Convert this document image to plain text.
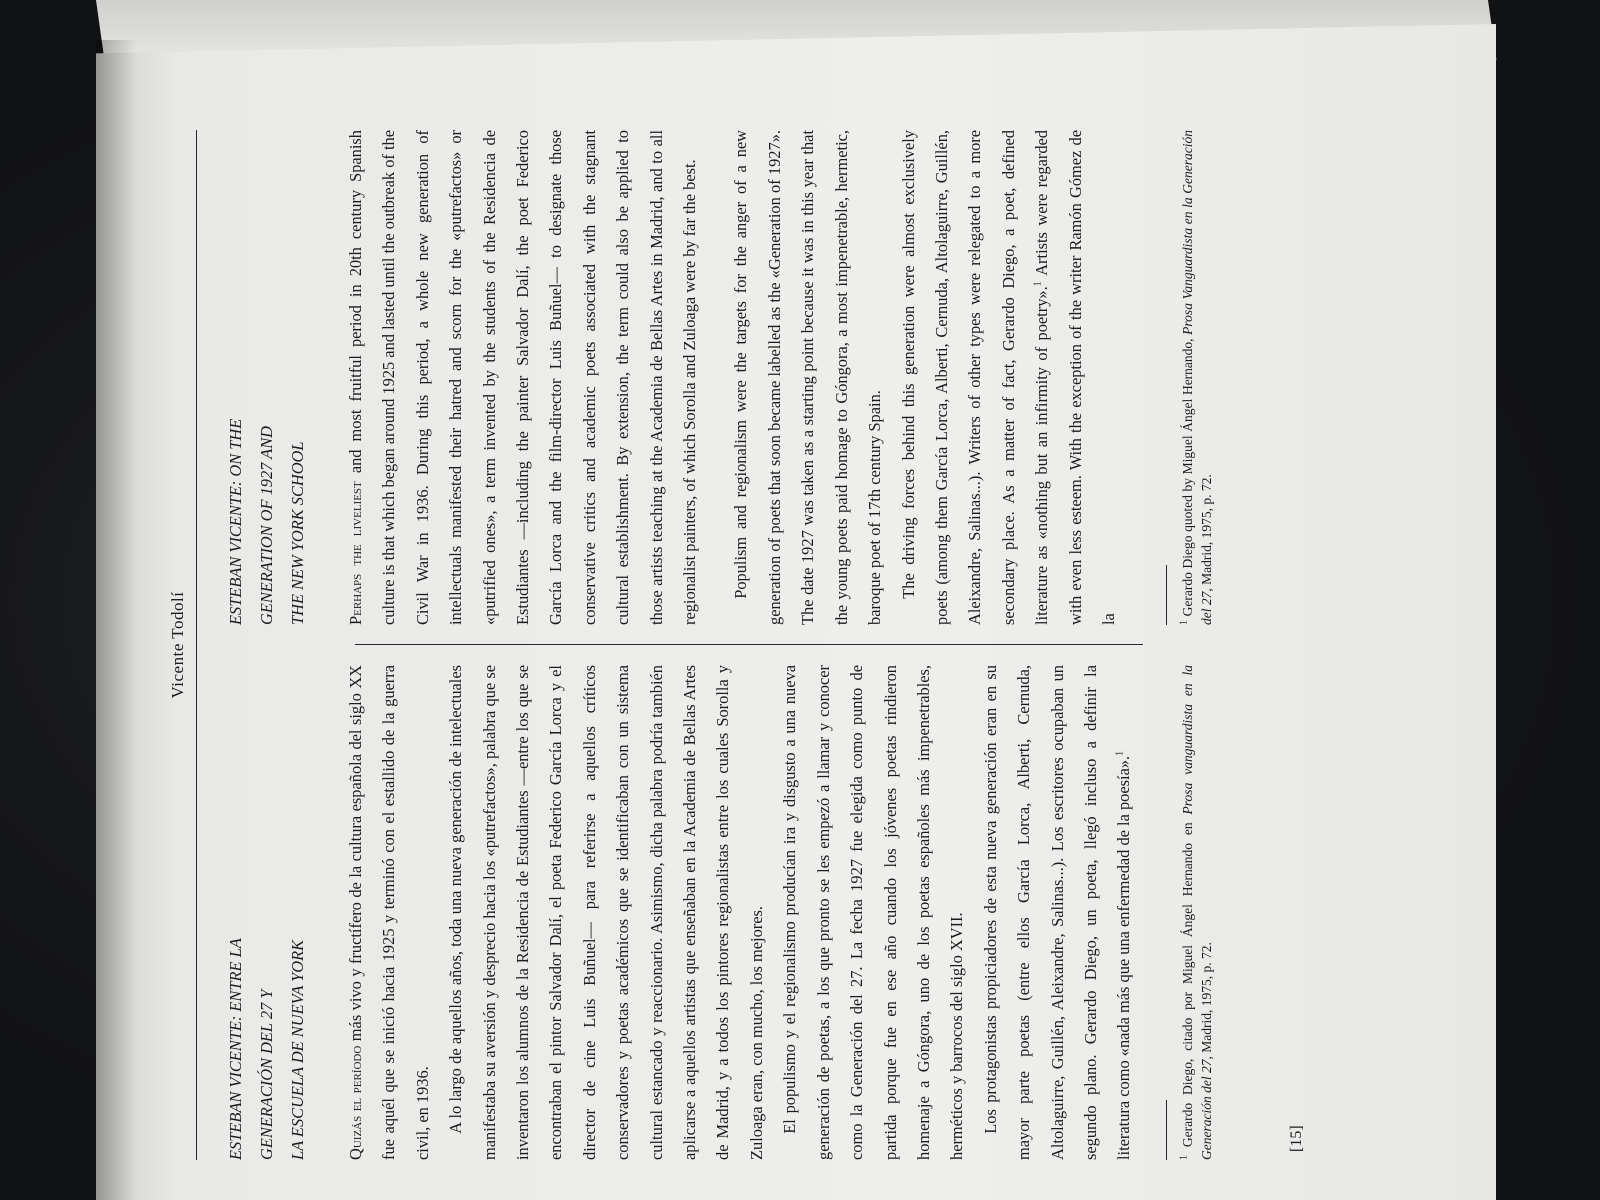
Vicente Todolí
ESTEBAN VICENTE: ENTRE LA GENERACIÓN DEL 27 Y LA ESCUELA DE NUEVA YORK	Quizás el período más vivo y fructífero de la cultura española del siglo XX fue aquél que se inició hacia 1925 y terminó con el estallido de la guerra civil, en 1936. A lo largo de aquellos años, toda una nueva generación de intelectuales manifestaba su aversión y desprecio hacia los «putrefactos», palabra que se inventaron los alumnos de la Residencia de Estudiantes —entre los que se encontraban el pintor Salvador Dalí, el poeta Federico García Lorca y el director de cine Luis Buñuel— para referirse a aquellos críticos conservadores y poetas académicos que se identificaban con un sistema cultural estancado y reaccionario. Asimismo, dicha palabra podría también aplicarse a aquellos artistas que enseñaban en la Academia de Bellas Artes de Madrid, y a todos los pintores regionalistas entre los cuales Sorolla y Zuloaga eran, con mucho, los mejores. El populismo y el regionalismo producían ira y disgusto a una nueva generación de poetas, a los que pronto se les empezó a llamar y conocer como la Generación del 27. La fecha 1927 fue elegida como punto de partida porque fue en ese año cuando los jóvenes poetas rindieron homenaje a Góngora, uno de los poetas españoles más impenetrables, herméticos y barrocos del siglo XVII. Los protagonistas propiciadores de esta nueva generación eran en su mayor parte poetas (entre ellos García Lorca, Alberti, Cernuda, Altolaguirre, Guillén, Aleixandre, Salinas...). Los escritores ocupaban un segundo plano. Gerardo Diego, un poeta, llegó incluso a definir la literatura como «nada más que una enfermedad de la poesía».$^1$

$^1$ Gerardo Diego, citado por Miguel Ángel Hernando en Prosa vanguardista en la Generación del 27, Madrid, 1975, p. 72.
ESTEBAN VICENTE: ON THE GENERATION OF 1927 AND THE NEW YORK SCHOOL	Perhaps the liveliest and most fruitful period in 20th century Spanish culture is that which began around 1925 and lasted until the outbreak of the Civil War in 1936. During this period, a whole new generation of intellectuals manifested their hatred and scorn for the «putrefactos» or «putrified ones», a term invented by the students of the Residencia de Estudiantes —including the painter Salvador Dalí, the poet Federico García Lorca and the film-director Luis Buñuel— to designate those conservative critics and academic poets associated with the stagnant cultural establishment. By extension, the term could also be applied to those artists teaching at the Academia de Bellas Artes in Madrid, and to all regionalist painters, of which Sorolla and Zuloaga were by far the best.	Populism and regionalism were the targets for the anger of a new generation of poets that soon became labelled as the «Generation of 1927». The date 1927 was taken as a starting point because it was in this year that the young poets paid homage to Góngora, a most impenetrable, hermetic, baroque poet of 17th century Spain. The driving forces behind this generation were almost exclusively poets (among them García Lorca, Alberti, Cernuda, Altolaguirre, Guillén, Aleixandre, Salinas...). Writers of other types were relegated to a more secondary place. As a matter of fact, Gerardo Diego, a poet, defined literature as «nothing but an infirmity of poetry».$^1$ Artists were regarded with even less esteem. With the exception of the writer Ramón Gómez de la	$^1$ Gerardo Diego quoted by Miguel Ángel Hernando, Prosa Vanguardista en la Generación del 27, Madrid, 1975, p. 72.
[15]
